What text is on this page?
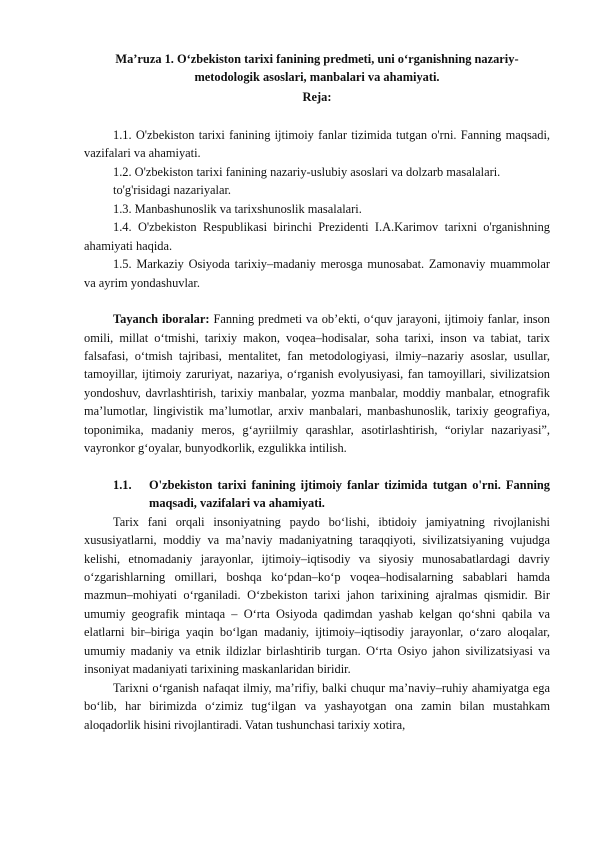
Ma’ruza 1. O‘zbekiston tarixi fanining predmeti, uni o‘rganishning nazariy-metodologik asoslari, manbalari va ahamiyati.
Reja:

1.1. O'zbekiston tarixi fanining ijtimoiy fanlar tizimida tutgan o'rni. Fanning maqsadi, vazifalari va ahamiyati.

1.2. O'zbekiston tarixi fanining nazariy-uslubiy asoslari va dolzarb masalalari.

to'g'risidagi nazariyalar.

1.3. Manbashunoslik va tarixshunoslik masalalari.

1.4. O'zbekiston Respublikasi birinchi Prezidenti I.A.Karimov tarixni o'rganishning ahamiyati haqida.

1.5. Markaziy Osiyoda tarixiy–madaniy merosga munosabat. Zamonaviy muammolar va ayrim yondashuvlar.

Tayanch iboralar: Fanning predmeti va ob’ekti, o‘quv jarayoni, ijtimoiy fanlar, inson omili, millat o‘tmishi, tarixiy makon, voqea–hodisalar, soha tarixi, inson va tabiat, tarix falsafasi, o‘tmish tajribasi, mentalitet, fan metodologiyasi, ilmiy–nazariy asoslar, usullar, tamoyillar, ijtimoiy zaruriyat, nazariya, o‘rganish evolyusiyasi, fan tamoyillari, sivilizatsion yondoshuv, davrlashtirish, tarixiy manbalar, yozma manbalar, moddiy manbalar, etnografik ma’lumotlar, lingivistik ma’lumotlar, arxiv manbalari, manbashunoslik, tarixiy geografiya, toponimika, madaniy meros, g‘ayriilmiy qarashlar, asotirlashtirish, “oriylar nazariyasi”, vayronkor g‘oyalar, bunyodkorlik, ezgulikka intilish.

1.1.	O'zbekiston tarixi fanining ijtimoiy fanlar tizimida tutgan o'rni. Fanning maqsadi, vazifalari va ahamiyati.

Tarix fani orqali insoniyatning paydo bo‘lishi, ibtidoiy jamiyatning rivojlanishi xususiyatlarni, moddiy va ma’naviy madaniyatning taraqqiyoti, sivilizatsiyaning vujudga kelishi, etnomadaniy jarayonlar, ijtimoiy–iqtisodiy va siyosiy munosabatlardagi davriy o‘zgarishlarning omillari, boshqa ko‘pdan–ko‘p voqea–hodisalarning sabablari hamda mazmun–mohiyati o‘rganiladi. O‘zbekiston tarixi jahon tarixining ajralmas qismidir. Bir umumiy geografik mintaqa – O‘rta Osiyoda qadimdan yashab kelgan qo‘shni qabila va elatlarni bir–biriga yaqin bo‘lgan madaniy, ijtimoiy–iqtisodiy jarayonlar, o‘zaro aloqalar, umumiy madaniy va etnik ildizlar birlashtirib turgan. O‘rta Osiyo jahon sivilizatsiyasi va insoniyat madaniyati tarixining maskanlaridan biridir.

Tarixni o‘rganish nafaqat ilmiy, ma’rifiy, balki chuqur ma’naviy–ruhiy ahamiyatga ega bo‘lib, har birimizda o‘zimiz tug‘ilgan va yashayotgan ona zamin bilan mustahkam aloqadorlik hisini rivojlantiradi. Vatan tushunchasi tarixiy xotira,
